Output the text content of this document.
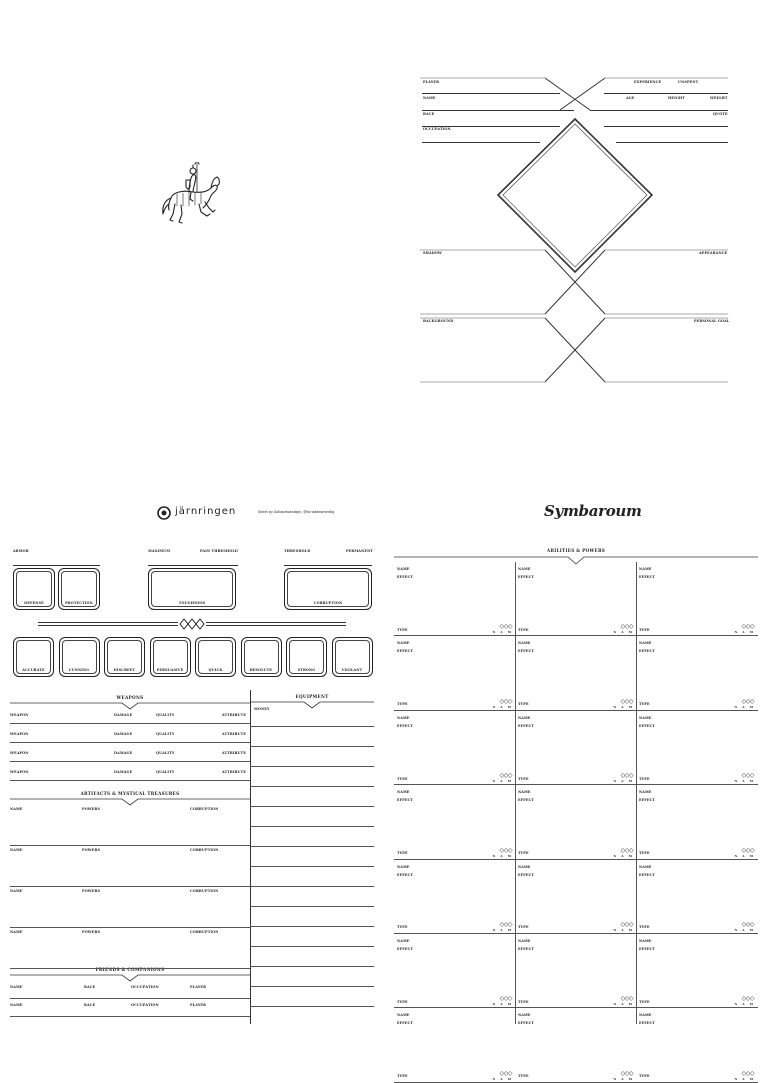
PLAYER
NAME
RACE
OCCUPATION
EXPERIENCE	UNSPENT
AGE	HEIGHT	WEIGHT
QUOTE
SHADOW	APPEARANCE
BACKGROUND	PERSONAL GOAL
järnringen	Sheet by Sollapeloandgin, @scriptdesmerdig
ARMOR	MAXIMUM	PAIN THRESHOLD	THRESHOLD	PERMANENT
DEFENSE	PROTECTION	TOUGHNESS	CORRUPTION
ACCURATE	CUNNING	DISCREET	PERSUASIVE	QUICK	RESOLUTE	STRONG	VIGILANT
WEAPONS	EQUIPMENT
MONEY
ARTIFACTS & MYSTICAL TREASURES
FRIENDS & COMPANIONS
WEAPON	DAMAGE	QUALITY	ATTRIBUTE
WEAPON	DAMAGE	QUALITY	ATTRIBUTE
WEAPON	DAMAGE	QUALITY	ATTRIBUTE
WEAPON	DAMAGE	QUALITY	ATTRIBUTE
NAME	POWERS	CORRUPTION
NAME	POWERS	CORRUPTION
NAME	POWERS	CORRUPTION
NAME	POWERS	CORRUPTION
NAME	RACE	OCCUPATION	PLAYER
NAME	RACE	OCCUPATION	PLAYER
Symbaroum
ABILITIES & POWERS
NAME
EFFECT
TYPE	◇◇◇
N A M
NAME
EFFECT
TYPE	◇◇◇
N A M
NAME
EFFECT
TYPE	◇◇◇
N A M
NAME
EFFECT
TYPE	◇◇◇
N A M
NAME
EFFECT
TYPE	◇◇◇
N A M
NAME
EFFECT
TYPE	◇◇◇
N A M
NAME
EFFECT
TYPE	◇◇◇
N A M
NAME
EFFECT
TYPE	◇◇◇
N A M
NAME
EFFECT
TYPE	◇◇◇
N A M
NAME
EFFECT
TYPE	◇◇◇
N A M
NAME
EFFECT
TYPE	◇◇◇
N A M
NAME
EFFECT
TYPE	◇◇◇
N A M
NAME
EFFECT
TYPE	◇◇◇
N A M
NAME
EFFECT
TYPE	◇◇◇
N A M
NAME
EFFECT
TYPE	◇◇◇
N A M
NAME
EFFECT
TYPE	◇◇◇
N A M
NAME
EFFECT
TYPE	◇◇◇
N A M
NAME
EFFECT
TYPE	◇◇◇
N A M
NAME
EFFECT
TYPE	◇◇◇
N A M
NAME
EFFECT
TYPE	◇◇◇
N A M
NAME
EFFECT
TYPE	◇◇◇
N A M
